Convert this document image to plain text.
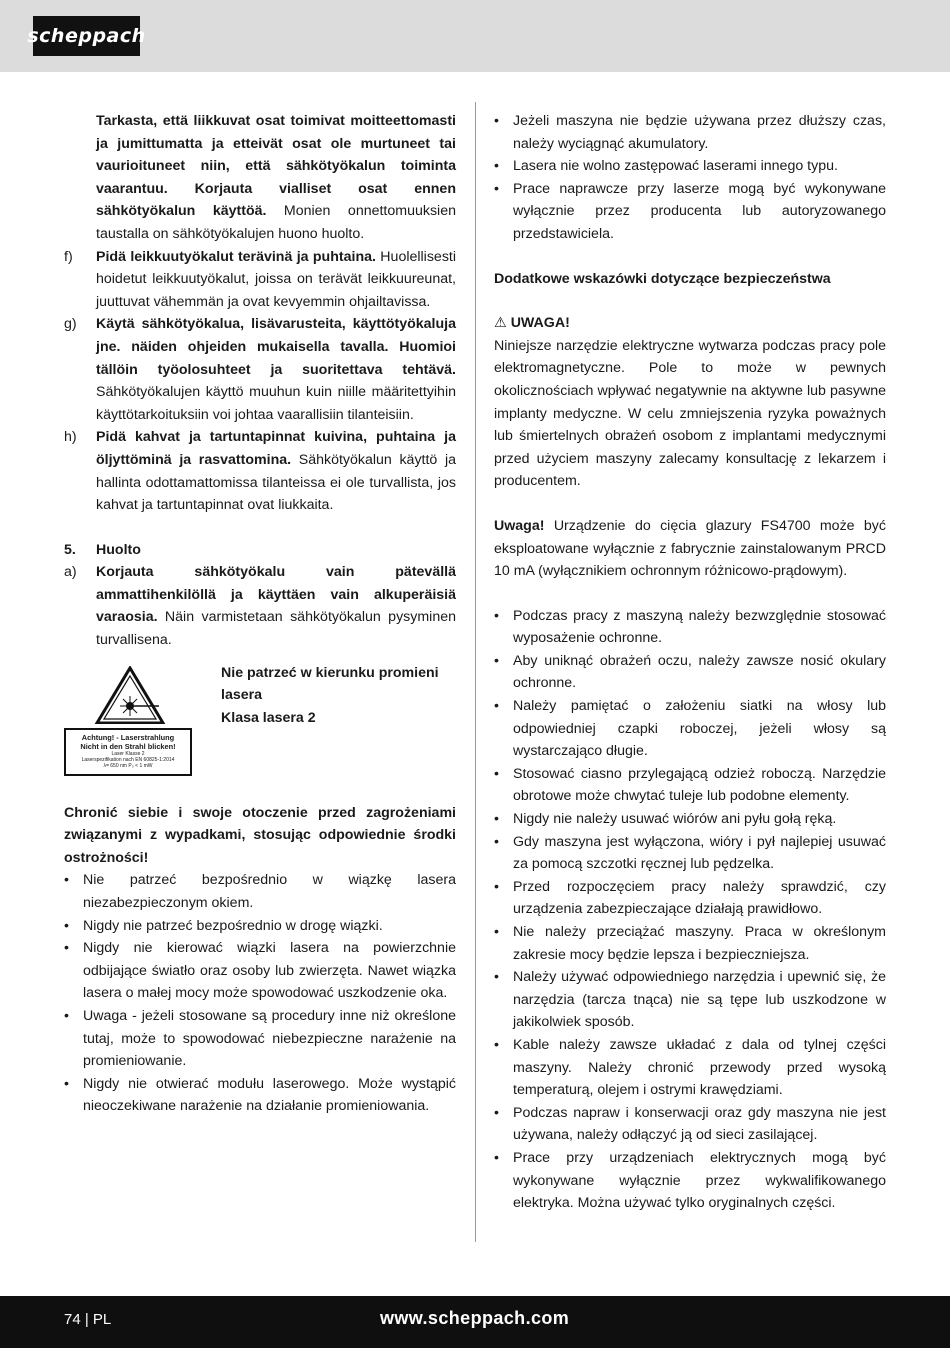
scheppach

Tarkasta, että liikkuvat osat toimivat moitteettomasti ja jumittumatta ja etteivät osat ole murtuneet tai vaurioituneet niin, että sähkötyökalun toiminta vaarantuu. Korjauta vialliset osat ennen sähkötyökalun käyttöä. Monien onnettomuuksien taustalla on sähkötyökalujen huono huolto.

f) Pidä leikkuutyökalut terävinä ja puhtaina. Huolellisesti hoidetut leikkuutyökalut, joissa on terävät leikkuureunat, juuttuvat vähemmän ja ovat kevyemmin ohjailtavissa.
g) Käytä sähkötyökalua, lisävarusteita, käyttötyökaluja jne. näiden ohjeiden mukaisella tavalla. Huomioi tällöin työolosuhteet ja suoritettava tehtävä. Sähkötyökalujen käyttö muuhun kuin niille määritettyihin käyttötarkoituksiin voi johtaa vaarallisiin tilanteisiin.
h) Pidä kahvat ja tartuntapinnat kuivina, puhtaina ja öljyttöminä ja rasvattomina. Sähkötyökalun käyttö ja hallinta odottamattomissa tilanteissa ei ole turvallista, jos kahvat ja tartuntapinnat ovat liukkaita.
5. Huolto
a) Korjauta sähkötyökalu vain pätevällä ammattihenkilöllä ja käyttäen vain alkuperäisiä varaosia. Näin varmistetaan sähkötyökalun pysyminen turvallisena.
Achtung! - Laserstrahlung
Nicht in den Strahl blicken!
Laser Klasse 2
Laserspezifikation nach EN 60825-1:2014
λ= 650 nm P₀ < 1 mW
Nie patrzeć w kierunku promieni lasera
Klasa lasera 2

Chronić siebie i swoje otoczenie przed zagrożeniami związanymi z wypadkami, stosując odpowiednie środki ostrożności!

• Nie patrzeć bezpośrednio w wiązkę lasera niezabezpieczonym okiem.
• Nigdy nie patrzeć bezpośrednio w drogę wiązki.
• Nigdy nie kierować wiązki lasera na powierzchnie odbijające światło oraz osoby lub zwierzęta. Nawet wiązka lasera o małej mocy może spowodować uszkodzenie oka.
• Uwaga - jeżeli stosowane są procedury inne niż określone tutaj, może to spowodować niebezpieczne narażenie na promieniowanie.
• Nigdy nie otwierać modułu laserowego. Może wystąpić nieoczekiwane narażenie na działanie promieniowania.
• Jeżeli maszyna nie będzie używana przez dłuższy czas, należy wyciągnąć akumulatory.
• Lasera nie wolno zastępować laserami innego typu.
• Prace naprawcze przy laserze mogą być wykonywane wyłącznie przez producenta lub autoryzowanego przedstawiciela.

Dodatkowe wskazówki dotyczące bezpieczeństwa

⚠ UWAGA!

Niniejsze narzędzie elektryczne wytwarza podczas pracy pole elektromagnetyczne. Pole to może w pewnych okolicznościach wpływać negatywnie na aktywne lub pasywne implanty medyczne. W celu zmniejszenia ryzyka poważnych lub śmiertelnych obrażeń osobom z implantami medycznymi przed użyciem maszyny zalecamy konsultację z lekarzem i producentem.

Uwaga! Urządzenie do cięcia glazury FS4700 może być eksploatowane wyłącznie z fabrycznie zainstalowanym PRCD 10 mA (wyłącznikiem ochronnym różnicowo-prądowym).

• Podczas pracy z maszyną należy bezwzględnie stosować wyposażenie ochronne.
• Aby uniknąć obrażeń oczu, należy zawsze nosić okulary ochronne.
• Należy pamiętać o założeniu siatki na włosy lub odpowiedniej czapki roboczej, jeżeli włosy są wystarczająco długie.
• Stosować ciasno przylegającą odzież roboczą. Narzędzie obrotowe może chwytać tuleje lub podobne elementy.
• Nigdy nie należy usuwać wiórów ani pyłu gołą ręką.
• Gdy maszyna jest wyłączona, wióry i pył najlepiej usuwać za pomocą szczotki ręcznej lub pędzelka.
• Przed rozpoczęciem pracy należy sprawdzić, czy urządzenia zabezpieczające działają prawidłowo.
• Nie należy przeciążać maszyny. Praca w określonym zakresie mocy będzie lepsza i bezpieczniejsza.
• Należy używać odpowiedniego narzędzia i upewnić się, że narzędzia (tarcza tnąca) nie są tępe lub uszkodzone w jakikolwiek sposób.
• Kable należy zawsze układać z dala od tylnej części maszyny. Należy chronić przewody przed wysoką temperaturą, olejem i ostrymi krawędziami.
• Podczas napraw i konserwacji oraz gdy maszyna nie jest używana, należy odłączyć ją od sieci zasilającej.
• Prace przy urządzeniach elektrycznych mogą być wykonywane wyłącznie przez wykwalifikowanego elektryka. Można używać tylko oryginalnych części.
74 | PL	www.scheppach.com
